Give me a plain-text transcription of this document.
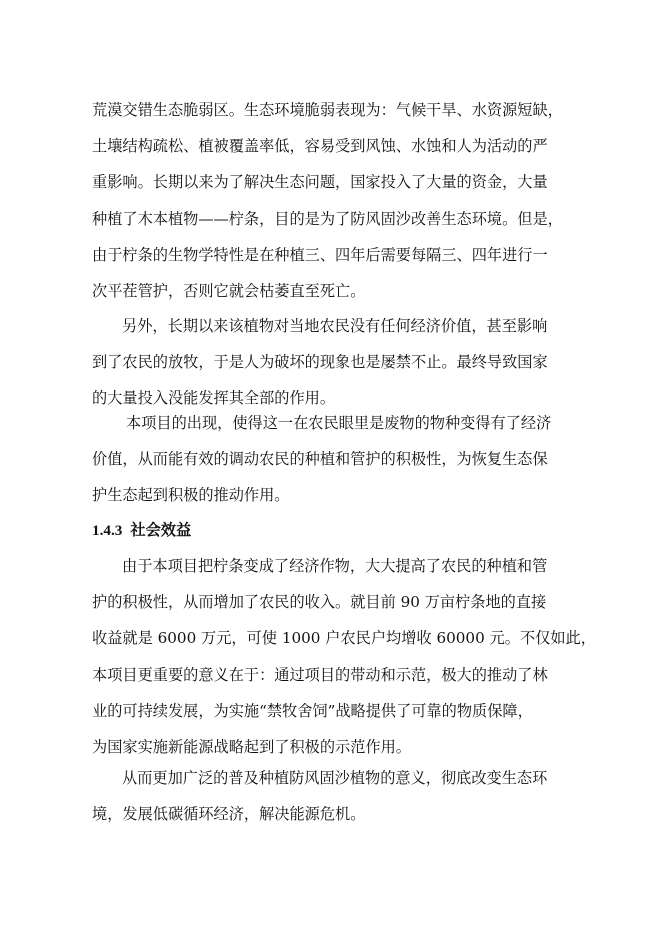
荒漠交错生态脆弱区。生态环境脆弱表现为：气候干旱、水资源短缺，
土壤结构疏松、植被覆盖率低，容易受到风蚀、水蚀和人为活动的严
重影响。长期以来为了解决生态问题，国家投入了大量的资金，大量
种植了木本植物——柠条，目的是为了防风固沙改善生态环境。但是，
由于柠条的生物学特性是在种植三、四年后需要每隔三、四年进行一
次平茬管护，否则它就会枯萎直至死亡。
另外，长期以来该植物对当地农民没有任何经济价值，甚至影响
到了农民的放牧，于是人为破坏的现象也是屡禁不止。最终导致国家
的大量投入没能发挥其全部的作用。
本项目的出现，使得这一在农民眼里是废物的物种变得有了经济
价值，从而能有效的调动农民的种植和管护的积极性，为恢复生态保
护生态起到积极的推动作用。
1.4.3 社会效益
由于本项目把柠条变成了经济作物，大大提高了农民的种植和管
护的积极性，从而增加了农民的收入。就目前 90 万亩柠条地的直接
收益就是 6000 万元，可使 1000 户农民户均增收 60000 元。不仅如此，
本项目更重要的意义在于：通过项目的带动和示范，极大的推动了林
业的可持续发展，为实施“禁牧舍饲”战略提供了可靠的物质保障，
为国家实施新能源战略起到了积极的示范作用。
从而更加广泛的普及种植防风固沙植物的意义，彻底改变生态环
境，发展低碳循环经济，解决能源危机。
